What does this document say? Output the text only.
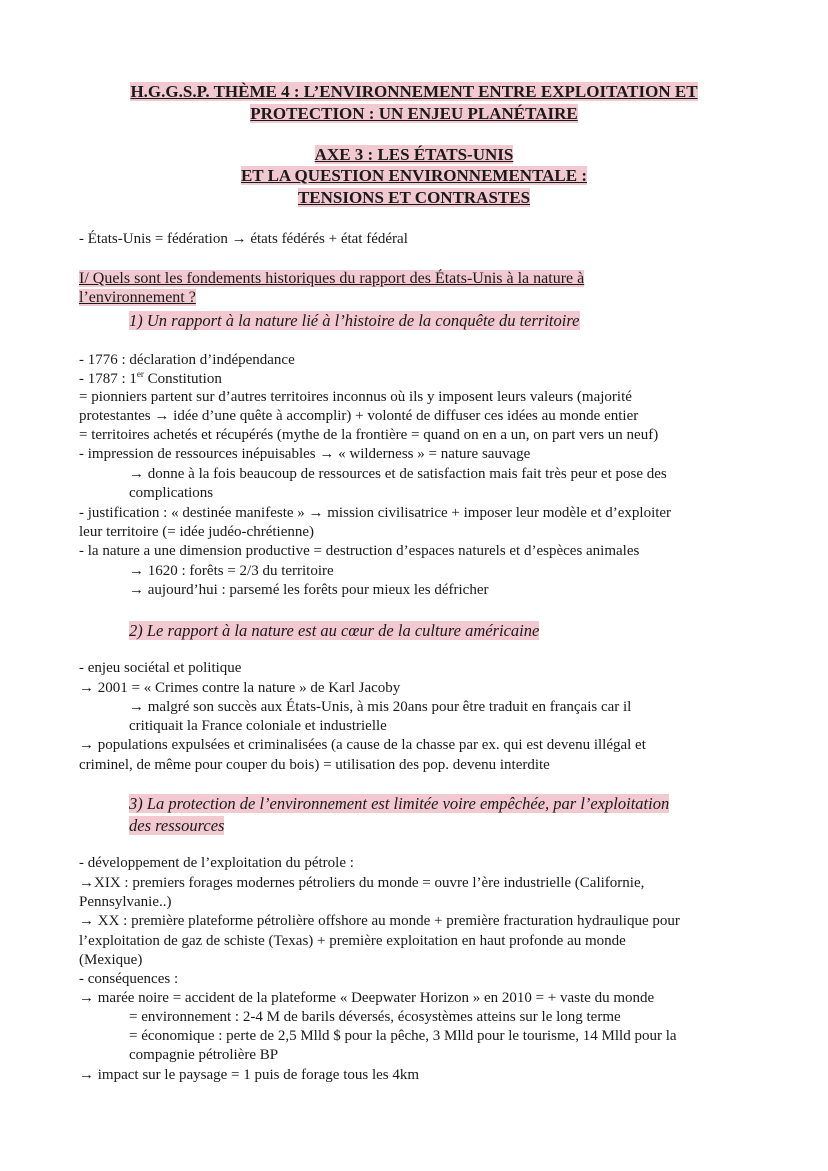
H.G.G.S.P. THÈME 4 : L’ENVIRONNEMENT ENTRE EXPLOITATION ET
PROTECTION : UN ENJEU PLANÉTAIRE
AXE 3 : LES ÉTATS-UNIS
ET LA QUESTION ENVIRONNEMENTALE :
TENSIONS ET CONTRASTES
- États-Unis = fédération → états fédérés + état fédéral
I/ Quels sont les fondements historiques du rapport des États-Unis à la nature à
l’environnement ?
1) Un rapport à la nature lié à l’histoire de la conquête du territoire
- 1776 : déclaration d’indépendance
- 1787 : 1er Constitution
= pionniers partent sur d’autres territoires inconnus où ils y imposent leurs valeurs (majorité
protestantes → idée d’une quête à accomplir) + volonté de diffuser ces idées au monde entier
= territoires achetés et récupérés (mythe de la frontière = quand on en a un, on part vers un neuf)
- impression de ressources inépuisables → « wilderness » = nature sauvage
→ donne à la fois beaucoup de ressources et de satisfaction mais fait très peur et pose des
complications
- justification : « destinée manifeste » → mission civilisatrice + imposer leur modèle et d’exploiter
leur territoire (= idée judéo-chrétienne)
- la nature a une dimension productive = destruction d’espaces naturels et d’espèces animales
→ 1620 : forêts = 2/3 du territoire
→ aujourd’hui : parsemé les forêts pour mieux les défricher
2) Le rapport à la nature est au cœur de la culture américaine
- enjeu sociétal et politique
→ 2001 = « Crimes contre la nature » de Karl Jacoby
→ malgré son succès aux États-Unis, à mis 20ans pour être traduit en français car il
critiquait la France coloniale et industrielle
→ populations expulsées et criminalisées (a cause de la chasse par ex. qui est devenu illégal et
criminel, de même pour couper du bois) = utilisation des pop. devenu interdite
3) La protection de l’environnement est limitée voire empêchée, par l’exploitation
des ressources
- développement de l’exploitation du pétrole :
→XIX : premiers forages modernes pétroliers du monde = ouvre l’ère industrielle (Californie,
Pennsylvanie..)
→ XX : première plateforme pétrolière offshore au monde + première fracturation hydraulique pour
l’exploitation de gaz de schiste (Texas) + première exploitation en haut profonde au monde
(Mexique)
- conséquences :
→ marée noire = accident de la plateforme « Deepwater Horizon » en 2010 = + vaste du monde
= environnement : 2-4 M de barils déversés, écosystèmes atteins sur le long terme
= économique : perte de 2,5 Mlld $ pour la pêche, 3 Mlld pour le tourisme, 14 Mlld pour la
compagnie pétrolière BP
→ impact sur le paysage = 1 puis de forage tous les 4km
